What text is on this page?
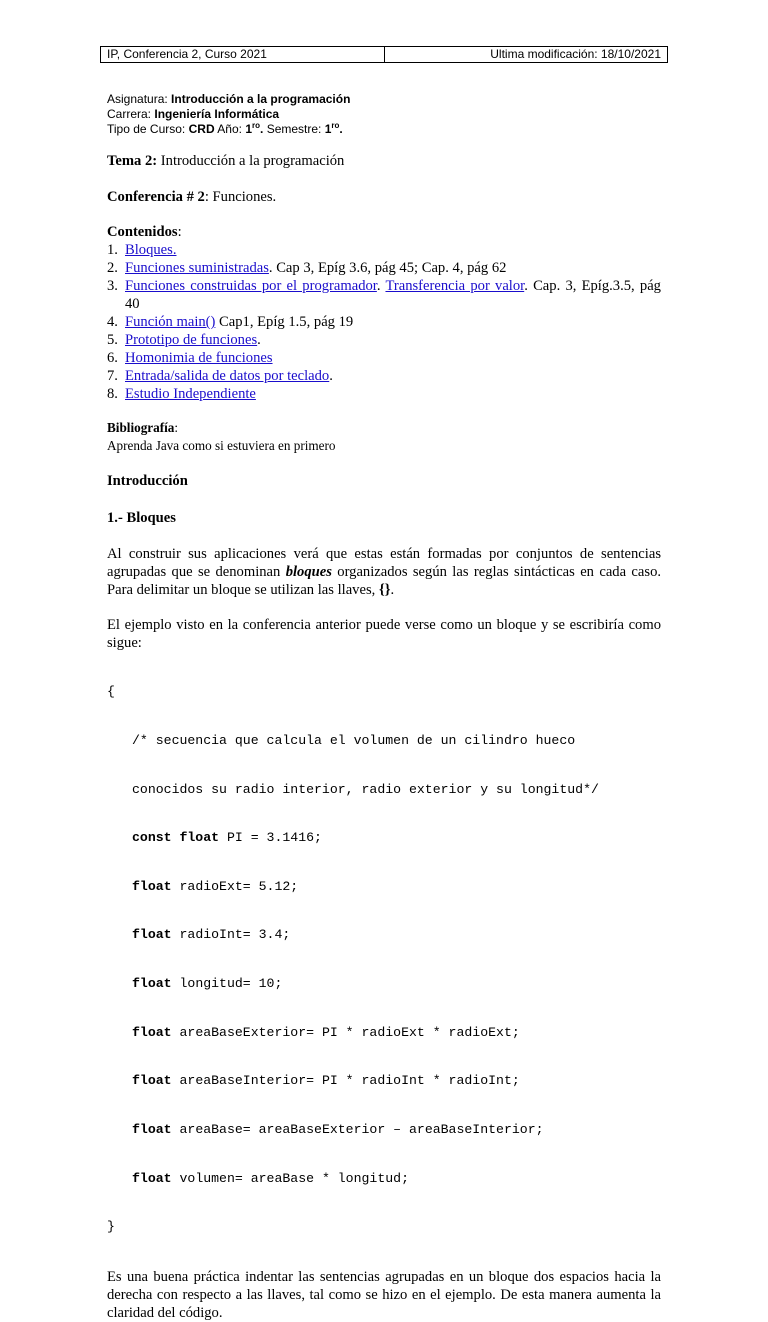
IP, Conferencia 2, Curso 2021	Ultima modificación: 18/10/2021
Asignatura: Introducción a la programación
Carrera: Ingeniería Informática
Tipo de Curso: CRD Año: $1^{ro}$. Semestre: $1^{ro}$.

Tema 2: Introducción a la programación

Conferencia # 2: Funciones.

Contenidos:

1. Bloques.
2. Funciones suministradas. Cap 3, Epíg 3.6, pág 45; Cap. 4, pág 62
3. Funciones construidas por el programador. Transferencia por valor. Cap. 3, Epíg.3.5, pág 40
4. Función main() Cap1, Epíg 1.5, pág 19
5. Prototipo de funciones.
6. Homonimia de funciones
7. Entrada/salida de datos por teclado.
8. Estudio Independiente

Bibliografía:

Aprenda Java como si estuviera en primero

Introducción

1.- Bloques

Al construir sus aplicaciones verá que estas están formadas por conjuntos de sentencias agrupadas que se denominan bloques organizados según las reglas sintácticas en cada caso. Para delimitar un bloque se utilizan las llaves, {}.

El ejemplo visto en la conferencia anterior puede verse como un bloque y se escribiría como sigue:

{

/* secuencia que calcula el volumen de un cilindro hueco

conocidos su radio interior, radio exterior y su longitud*/

const float PI = 3.1416;

float radioExt= 5.12;

float radioInt= 3.4;

float longitud= 10;

float areaBaseExterior= PI * radioExt * radioExt;

float areaBaseInterior= PI * radioInt * radioInt;

float areaBase= areaBaseExterior – areaBaseInterior;

float volumen= areaBase * longitud;

}

Es una buena práctica indentar las sentencias agrupadas en un bloque dos espacios hacia la derecha con respecto a las llaves, tal como se hizo en el ejemplo. De esta manera aumenta la claridad del código.
